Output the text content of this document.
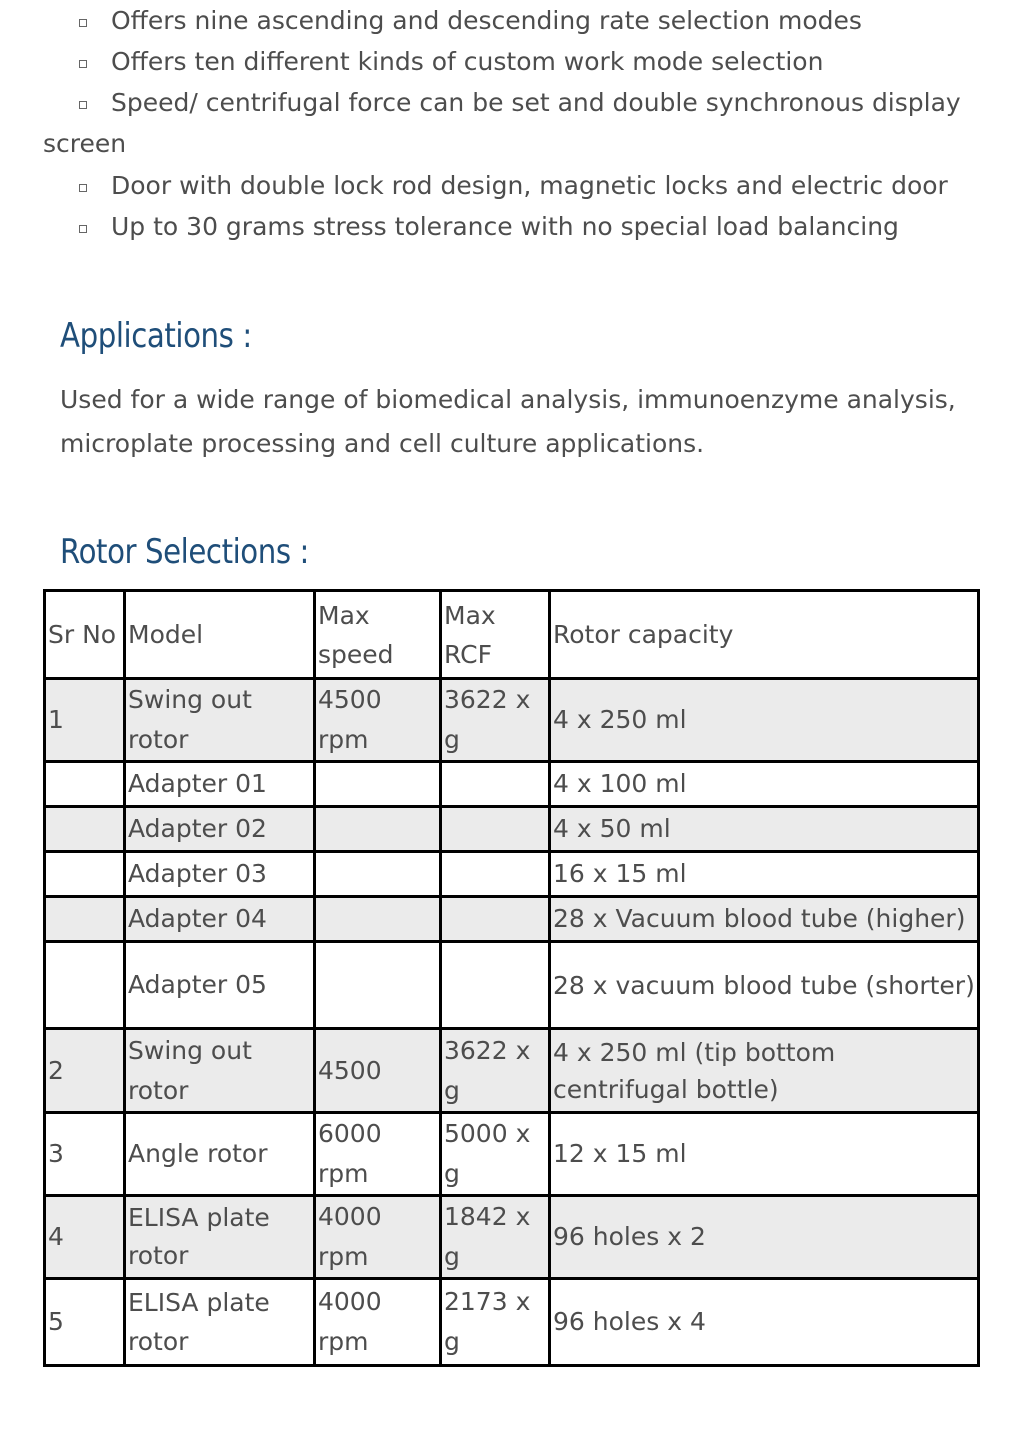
Offers nine ascending and descending rate selection modes
Offers ten different kinds of custom work mode selection
Speed/ centrifugal force can be set and double synchronous display
screen
Door with double lock rod design, magnetic locks and electric door
Up to 30 grams stress tolerance with no special load balancing
Applications :
Used for a wide range of biomedical analysis, immunoenzyme analysis, microplate processing and cell culture applications.
Rotor Selections :
Sr No	Model	Max speed	Max RCF	Rotor capacity
1	Swing out rotor	4500 rpm	3622 x g	4 x 250 ml
	Adapter 01			4 x 100 ml
	Adapter 02			4 x 50 ml
	Adapter 03			16 x 15 ml
	Adapter 04			28 x Vacuum blood tube (higher)
	Adapter 05			28 x vacuum blood tube (shorter)
2	Swing out rotor	4500	3622 x g	4 x 250 ml (tip bottom centrifugal bottle)
3	Angle rotor	6000 rpm	5000 x g	12 x 15 ml
4	ELISA plate rotor	4000 rpm	1842 x g	96 holes x 2
5	ELISA plate rotor	4000 rpm	2173 x g	96 holes x 4
